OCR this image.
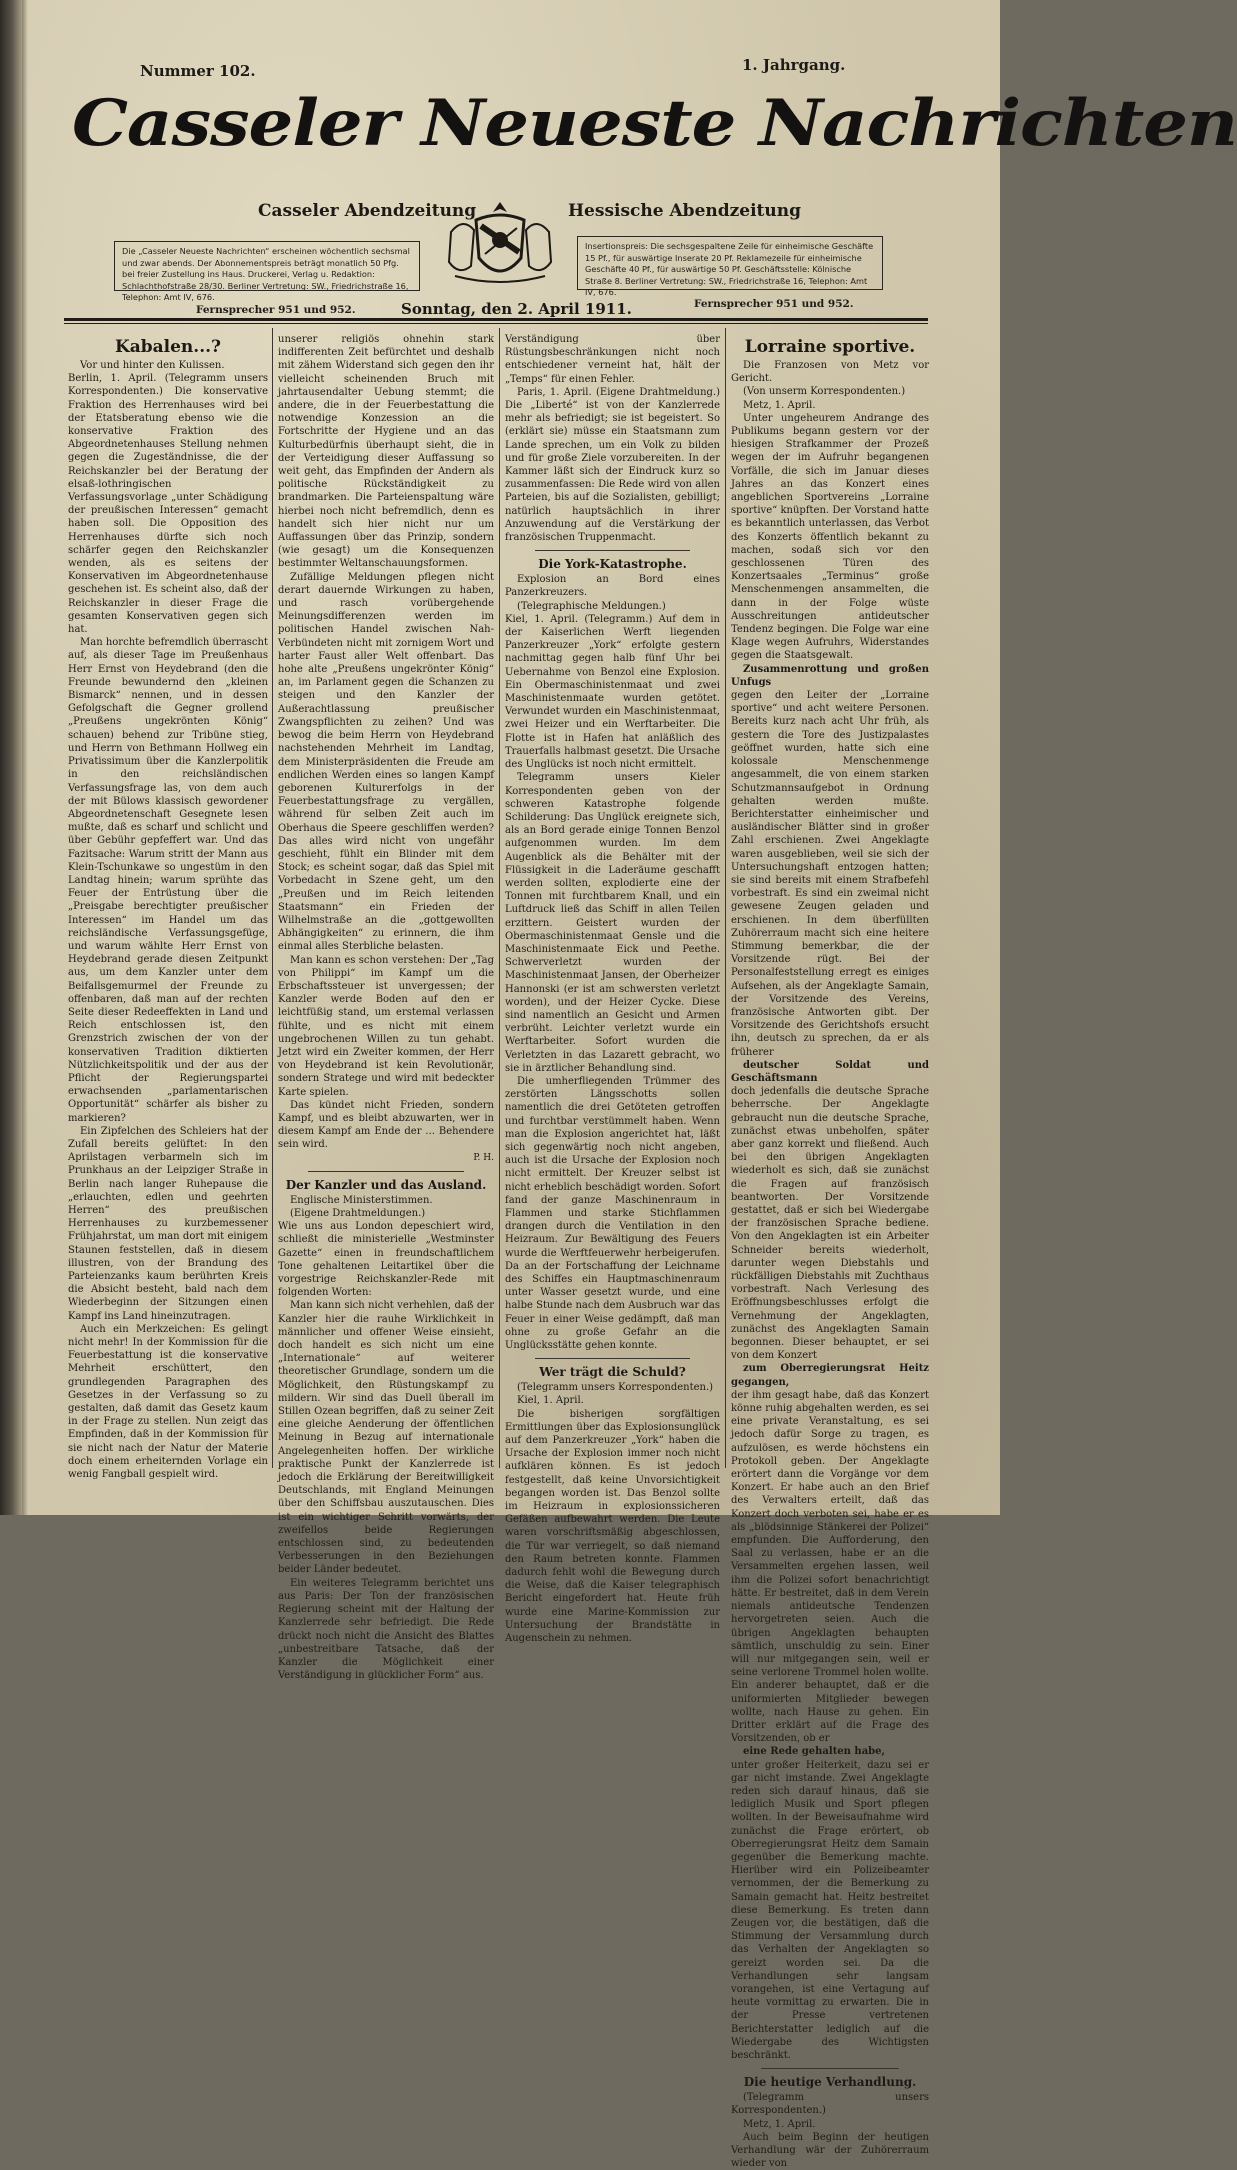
Nummer 102.	1. Jahrgang.
Casseler Neueste Nachrichten
Casseler Abendzeitung	Hessische Abendzeitung
Die „Casseler Neueste Nachrichten“ erscheinen wöchentlich sechsmal und zwar abends. Der Abonnementspreis beträgt monatlich 50 Pfg. bei freier Zustellung ins Haus. Druckerei, Verlag u. Redaktion: Schlachthofstraße 28/30. Berliner Vertretung: SW., Friedrichstraße 16, Telephon: Amt IV, 676.
Insertionspreis: Die sechsgespaltene Zeile für einheimische Geschäfte 15 Pf., für auswärtige Inserate 20 Pf. Reklamezeile für einheimische Geschäfte 40 Pf., für auswärtige 50 Pf. Geschäftsstelle: Kölnische Straße 8. Berliner Vertretung: SW., Friedrichstraße 16, Telephon: Amt IV, 676.
Fernsprecher 951 und 952.	Sonntag, den 2. April 1911.	Fernsprecher 951 und 952.
Kabalen...?

Vor und hinter den Kulissen.

Berlin, 1. April. (Telegramm unsers Korrespondenten.) Die konservative Fraktion des Herrenhauses wird bei der Etatsberatung ebenso wie die konservative Fraktion des Abgeordnetenhauses Stellung nehmen gegen die Zugeständnisse, die der Reichskanzler bei der Beratung der elsaß-lothringischen Verfassungsvorlage „unter Schädigung der preußischen Interessen“ gemacht haben soll. Die Opposition des Herrenhauses dürfte sich noch schärfer gegen den Reichskanzler wenden, als es seitens der Konservativen im Abgeordnetenhause geschehen ist. Es scheint also, daß der Reichskanzler in dieser Frage die gesamten Konservativen gegen sich hat.

Man horchte befremdlich überrascht auf, als dieser Tage im Preußenhaus Herr Ernst von Heydebrand (den die Freunde bewundernd den „kleinen Bismarck“ nennen, und in dessen Gefolgschaft die Gegner grollend „Preußens ungekrönten König“ schauen) behend zur Tribüne stieg, und Herrn von Bethmann Hollweg ein Privatissimum über die Kanzlerpolitik in den reichsländischen Verfassungsfrage las, von dem auch der mit Bülows klassisch gewordener Abgeordnetenschaft Gesegnete lesen mußte, daß es scharf und schlicht und über Gebühr gepfeffert war. Und das Fazitsache: Warum stritt der Mann aus Klein-Tschunkawe so ungestüm in den Landtag hinein; warum sprühte das Feuer der Entrüstung über die „Preisgabe berechtigter preußischer Interessen“ im Handel um das reichsländische Verfassungsgefüge, und warum wählte Herr Ernst von Heydebrand gerade diesen Zeitpunkt aus, um dem Kanzler unter dem Beifallsgemurmel der Freunde zu offenbaren, daß man auf der rechten Seite dieser Redeeffekten in Land und Reich entschlossen ist, den Grenzstrich zwischen der von der konservativen Tradition diktierten Nützlichkeitspolitik und der aus der Pflicht der Regierungspartei erwachsenden „parlamentarischen Opportunität“ schärfer als bisher zu markieren?

Ein Zipfelchen des Schleiers hat der Zufall bereits gelüftet: In den Aprilstagen verbarmeln sich im Prunkhaus an der Leipziger Straße in Berlin nach langer Ruhepause die „erlauchten, edlen und geehrten Herren“ des preußischen Herrenhauses zu kurzbemessener Frühjahrstat, um man dort mit einigem Staunen feststellen, daß in diesem illustren, von der Brandung des Parteienzanks kaum berührten Kreis die Absicht besteht, bald nach dem Wiederbeginn der Sitzungen einen Kampf ins Land hineinzutragen.

Auch ein Merkzeichen: Es gelingt nicht mehr! In der Kommission für die Feuerbestattung ist die konservative Mehrheit erschüttert, den grundlegenden Paragraphen des Gesetzes in der Verfassung so zu gestalten, daß damit das Gesetz kaum in der Frage zu stellen. Nun zeigt das Empfinden, daß in der Kommission für sie nicht nach der Natur der Materie doch einem erheiternden Vorlage ein wenig Fangball gespielt wird.

unserer religiös ohnehin stark indifferenten Zeit befürchtet und deshalb mit zähem Widerstand sich gegen den ihr vielleicht scheinenden Bruch mit jahrtausendalter Uebung stemmt; die andere, die in der Feuerbestattung die notwendige Konzession an die Fortschritte der Hygiene und an das Kulturbedürfnis überhaupt sieht, die in der Verteidigung dieser Auffassung so weit geht, das Empfinden der Andern als politische Rückständigkeit zu brandmarken. Die Parteienspaltung wäre hierbei noch nicht befremdlich, denn es handelt sich hier nicht nur um Auffassungen über das Prinzip, sondern (wie gesagt) um die Konsequenzen bestimmter Weltanschauungsformen.

Zufällige Meldungen pflegen nicht derart dauernde Wirkungen zu haben, und rasch vorübergehende Meinungsdifferenzen werden im politischen Handel zwischen Nah-Verbündeten nicht mit zornigem Wort und harter Faust aller Welt offenbart. Das hohe alte „Preußens ungekrönter König“ an, im Parlament gegen die Schanzen zu steigen und den Kanzler der Außerachtlassung preußischer Zwangspflichten zu zeihen? Und was bewog die beim Herrn von Heydebrand nachstehenden Mehrheit im Landtag, dem Ministerpräsidenten die Freude am endlichen Werden eines so langen Kampf geborenen Kulturerfolgs in der Feuerbestattungsfrage zu vergällen, während für selben Zeit auch im Oberhaus die Speere geschliffen werden? Das alles wird nicht von ungefähr geschieht, fühlt ein Blinder mit dem Stock; es scheint sogar, daß das Spiel mit Vorbedacht in Szene geht, um den „Preußen und im Reich leitenden Staatsmann“ ein Frieden der Wilhelmstraße an die „gottgewollten Abhängigkeiten“ zu erinnern, die ihm einmal alles Sterbliche belasten.

Man kann es schon verstehen: Der „Tag von Philippi“ im Kampf um die Erbschaftssteuer ist unvergessen; der Kanzler werde Boden auf den er leichtfüßig stand, um erstemal verlassen fühlte, und es nicht mit einem ungebrochenen Willen zu tun gehabt. Jetzt wird ein Zweiter kommen, der Herr von Heydebrand ist kein Revolutionär, sondern Stratege und wird mit bedeckter Karte spielen.

Das kündet nicht Frieden, sondern Kampf, und es bleibt abzuwarten, wer in diesem Kampf am Ende der ... Behendere sein wird.

P. H.

Der Kanzler und das Ausland.

Englische Ministerstimmen.

(Eigene Drahtmeldungen.)

Wie uns aus London depeschiert wird, schließt die ministerielle „Westminster Gazette“ einen in freundschaftlichem Tone gehaltenen Leitartikel über die vorgestrige Reichskanzler-Rede mit folgenden Worten:

Man kann sich nicht verhehlen, daß der Kanzler hier die rauhe Wirklichkeit in männlicher und offener Weise einsieht, doch handelt es sich nicht um eine „Internationale“ auf weiterer theoretischer Grundlage, sondern um die Möglichkeit, den Rüstungskampf zu mildern. Wir sind das Duell überall im Stillen Ozean begriffen, daß zu seiner Zeit eine gleiche Aenderung der öffentlichen Meinung in Bezug auf internationale Angelegenheiten hoffen. Der wirkliche praktische Punkt der Kanzlerrede ist jedoch die Erklärung der Bereitwilligkeit Deutschlands, mit England Meinungen über den Schiffsbau auszutauschen. Dies ist ein wichtiger Schritt vorwärts, der zweifellos beide Regierungen entschlossen sind, zu bedeutenden Verbesserungen in den Beziehungen beider Länder bedeutet.

Ein weiteres Telegramm berichtet uns aus Paris: Der Ton der französischen Regierung scheint mit der Haltung der Kanzlerrede sehr befriedigt. Die Rede drückt noch nicht die Ansicht des Blattes „unbestreitbare Tatsache, daß der Kanzler die Möglichkeit einer Verständigung in glücklicher Form“ aus.

Verständigung über Rüstungsbeschränkungen nicht noch entschiedener verneint hat, hält der „Temps“ für einen Fehler.

Paris, 1. April. (Eigene Drahtmeldung.) Die „Liberté“ ist von der Kanzlerrede mehr als befriedigt; sie ist begeistert. So (erklärt sie) müsse ein Staatsmann zum Lande sprechen, um ein Volk zu bilden und für große Ziele vorzubereiten. In der Kammer läßt sich der Eindruck kurz so zusammenfassen: Die Rede wird von allen Parteien, bis auf die Sozialisten, gebilligt; natürlich hauptsächlich in ihrer Anzuwendung auf die Verstärkung der französischen Truppenmacht.

Die York-Katastrophe.

Explosion an Bord eines Panzerkreuzers.

(Telegraphische Meldungen.)

Kiel, 1. April. (Telegramm.) Auf dem in der Kaiserlichen Werft liegenden Panzerkreuzer „York“ erfolgte gestern nachmittag gegen halb fünf Uhr bei Uebernahme von Benzol eine Explosion. Ein Obermaschinistenmaat und zwei Maschinistenmaate wurden getötet. Verwundet wurden ein Maschinistenmaat, zwei Heizer und ein Werftarbeiter. Die Flotte ist in Hafen hat anläßlich des Trauerfalls halbmast gesetzt. Die Ursache des Unglücks ist noch nicht ermittelt.

Telegramm unsers Kieler Korrespondenten geben von der schweren Katastrophe folgende Schilderung: Das Unglück ereignete sich, als an Bord gerade einige Tonnen Benzol aufgenommen wurden. Im dem Augenblick als die Behälter mit der Flüssigkeit in die Laderäume geschafft werden sollten, explodierte eine der Tonnen mit furchtbarem Knall, und ein Luftdruck ließ das Schiff in allen Teilen erzittern. Geistert wurden der Obermaschinistenmaat Gensle und die Maschinistenmaate Eick und Peethe. Schwerverletzt wurden der Maschinistenmaat Jansen, der Oberheizer Hannonski (er ist am schwersten verletzt worden), und der Heizer Cycke. Diese sind namentlich an Gesicht und Armen verbrüht. Leichter verletzt wurde ein Werftarbeiter. Sofort wurden die Verletzten in das Lazarett gebracht, wo sie in ärztlicher Behandlung sind.

Die umherfliegenden Trümmer des zerstörten Längsschotts sollen namentlich die drei Getöteten getroffen und furchtbar verstümmelt haben. Wenn man die Explosion angerichtet hat, läßt sich gegenwärtig noch nicht angeben, auch ist die Ursache der Explosion noch nicht ermittelt. Der Kreuzer selbst ist nicht erheblich beschädigt worden. Sofort fand der ganze Maschinenraum in Flammen und starke Stichflammen drangen durch die Ventilation in den Heizraum. Zur Bewältigung des Feuers wurde die Werftfeuerwehr herbeigerufen. Da an der Fortschaffung der Leichname des Schiffes ein Hauptmaschinenraum unter Wasser gesetzt wurde, und eine halbe Stunde nach dem Ausbruch war das Feuer in einer Weise gedämpft, daß man ohne zu große Gefahr an die Unglücksstätte gehen konnte.

Wer trägt die Schuld?

(Telegramm unsers Korrespondenten.)

Kiel, 1. April.

Die bisherigen sorgfältigen Ermittlungen über das Explosionsunglück auf dem Panzerkreuzer „York“ haben die Ursache der Explosion immer noch nicht aufklären können. Es ist jedoch festgestellt, daß keine Unvorsichtigkeit begangen worden ist. Das Benzol sollte im Heizraum in explosionssicheren Gefäßen aufbewahrt werden. Die Leute waren vorschriftsmäßig abgeschlossen, die Tür war verriegelt, so daß niemand den Raum betreten konnte. Flammen dadurch fehlt wohl die Bewegung durch die Weise, daß die Kaiser telegraphisch Bericht eingefordert hat. Heute früh wurde eine Marine-Kommission zur Untersuchung der Brandstätte in Augenschein zu nehmen.

Lorraine sportive.

Die Franzosen von Metz vor Gericht.

(Von unserm Korrespondenten.)

Metz, 1. April.

Unter ungeheurem Andrange des Publikums begann gestern vor der hiesigen Strafkammer der Prozeß wegen der im Aufruhr begangenen Vorfälle, die sich im Januar dieses Jahres an das Konzert eines angeblichen Sportvereins „Lorraine sportive“ knüpften. Der Vorstand hatte es bekanntlich unterlassen, das Verbot des Konzerts öffentlich bekannt zu machen, sodaß sich vor den geschlossenen Türen des Konzertsaales „Terminus“ große Menschenmengen ansammelten, die dann in der Folge wüste Ausschreitungen antideutscher Tendenz begingen. Die Folge war eine Klage wegen Aufruhrs, Widerstandes gegen die Staatsgewalt.

Zusammenrottung und großen Unfugs

gegen den Leiter der „Lorraine sportive“ und acht weitere Personen. Bereits kurz nach acht Uhr früh, als gestern die Tore des Justizpalastes geöffnet wurden, hatte sich eine kolossale Menschenmenge angesammelt, die von einem starken Schutzmannsaufgebot in Ordnung gehalten werden mußte. Berichterstatter einheimischer und ausländischer Blätter sind in großer Zahl erschienen. Zwei Angeklagte waren ausgeblieben, weil sie sich der Untersuchungshaft entzogen hatten; sie sind bereits mit einem Strafbefehl vorbestraft. Es sind ein zweimal nicht gewesene Zeugen geladen und erschienen. In dem überfüllten Zuhörerraum macht sich eine heitere Stimmung bemerkbar, die der Vorsitzende rügt. Bei der Personalfeststellung erregt es einiges Aufsehen, als der Angeklagte Samain, der Vorsitzende des Vereins, französische Antworten gibt. Der Vorsitzende des Gerichtshofs ersucht ihn, deutsch zu sprechen, da er als früherer

deutscher Soldat und Geschäftsmann

doch jedenfalls die deutsche Sprache beherrsche. Der Angeklagte gebraucht nun die deutsche Sprache, zunächst etwas unbeholfen, später aber ganz korrekt und fließend. Auch bei den übrigen Angeklagten wiederholt es sich, daß sie zunächst die Fragen auf französisch beantworten. Der Vorsitzende gestattet, daß er sich bei Wiedergabe der französischen Sprache bediene. Von den Angeklagten ist ein Arbeiter Schneider bereits wiederholt, darunter wegen Diebstahls und rückfälligen Diebstahls mit Zuchthaus vorbestraft. Nach Verlesung des Eröffnungsbeschlusses erfolgt die Vernehmung der Angeklagten, zunächst des Angeklagten Samain begonnen. Dieser behauptet, er sei von dem Konzert

zum Oberregierungsrat Heitz gegangen,

der ihm gesagt habe, daß das Konzert könne ruhig abgehalten werden, es sei eine private Veranstaltung, es sei jedoch dafür Sorge zu tragen, es aufzulösen, es werde höchstens ein Protokoll geben. Der Angeklagte erörtert dann die Vorgänge vor dem Konzert. Er habe auch an den Brief des Verwalters erteilt, daß das Konzert doch verboten sei, habe er es als „blödsinnige Stänkerei der Polizei“ empfunden. Die Aufforderung, den Saal zu verlassen, habe er an die Versammelten ergehen lassen, weil ihm die Polizei sofort benachrichtigt hätte. Er bestreitet, daß in dem Verein niemals antideutsche Tendenzen hervorgetreten seien. Auch die übrigen Angeklagten behaupten sämtlich, unschuldig zu sein. Einer will nur mitgegangen sein, weil er seine verlorene Trommel holen wollte. Ein anderer behauptet, daß er die uniformierten Mitglieder bewegen wollte, nach Hause zu gehen. Ein Dritter erklärt auf die Frage des Vorsitzenden, ob er

eine Rede gehalten habe,

unter großer Heiterkeit, dazu sei er gar nicht imstande. Zwei Angeklagte reden sich darauf hinaus, daß sie lediglich Musik und Sport pflegen wollten. In der Beweisaufnahme wird zunächst die Frage erörtert, ob Oberregierungsrat Heitz dem Samain gegenüber die Bemerkung machte. Hierüber wird ein Polizeibeamter vernommen, der die Bemerkung zu Samain gemacht hat. Heitz bestreitet diese Bemerkung. Es treten dann Zeugen vor, die bestätigen, daß die Stimmung der Versammlung durch das Verhalten der Angeklagten so gereizt worden sei. Da die Verhandlungen sehr langsam vorangehen, ist eine Vertagung auf heute vormittag zu erwarten. Die in der Presse vertretenen Berichterstatter lediglich auf die Wiedergabe des Wichtigsten beschränkt.

Die heutige Verhandlung.

(Telegramm unsers Korrespondenten.)

Metz, 1. April.

Auch beim Beginn der heutigen Verhandlung wär der Zuhörerraum wieder von
